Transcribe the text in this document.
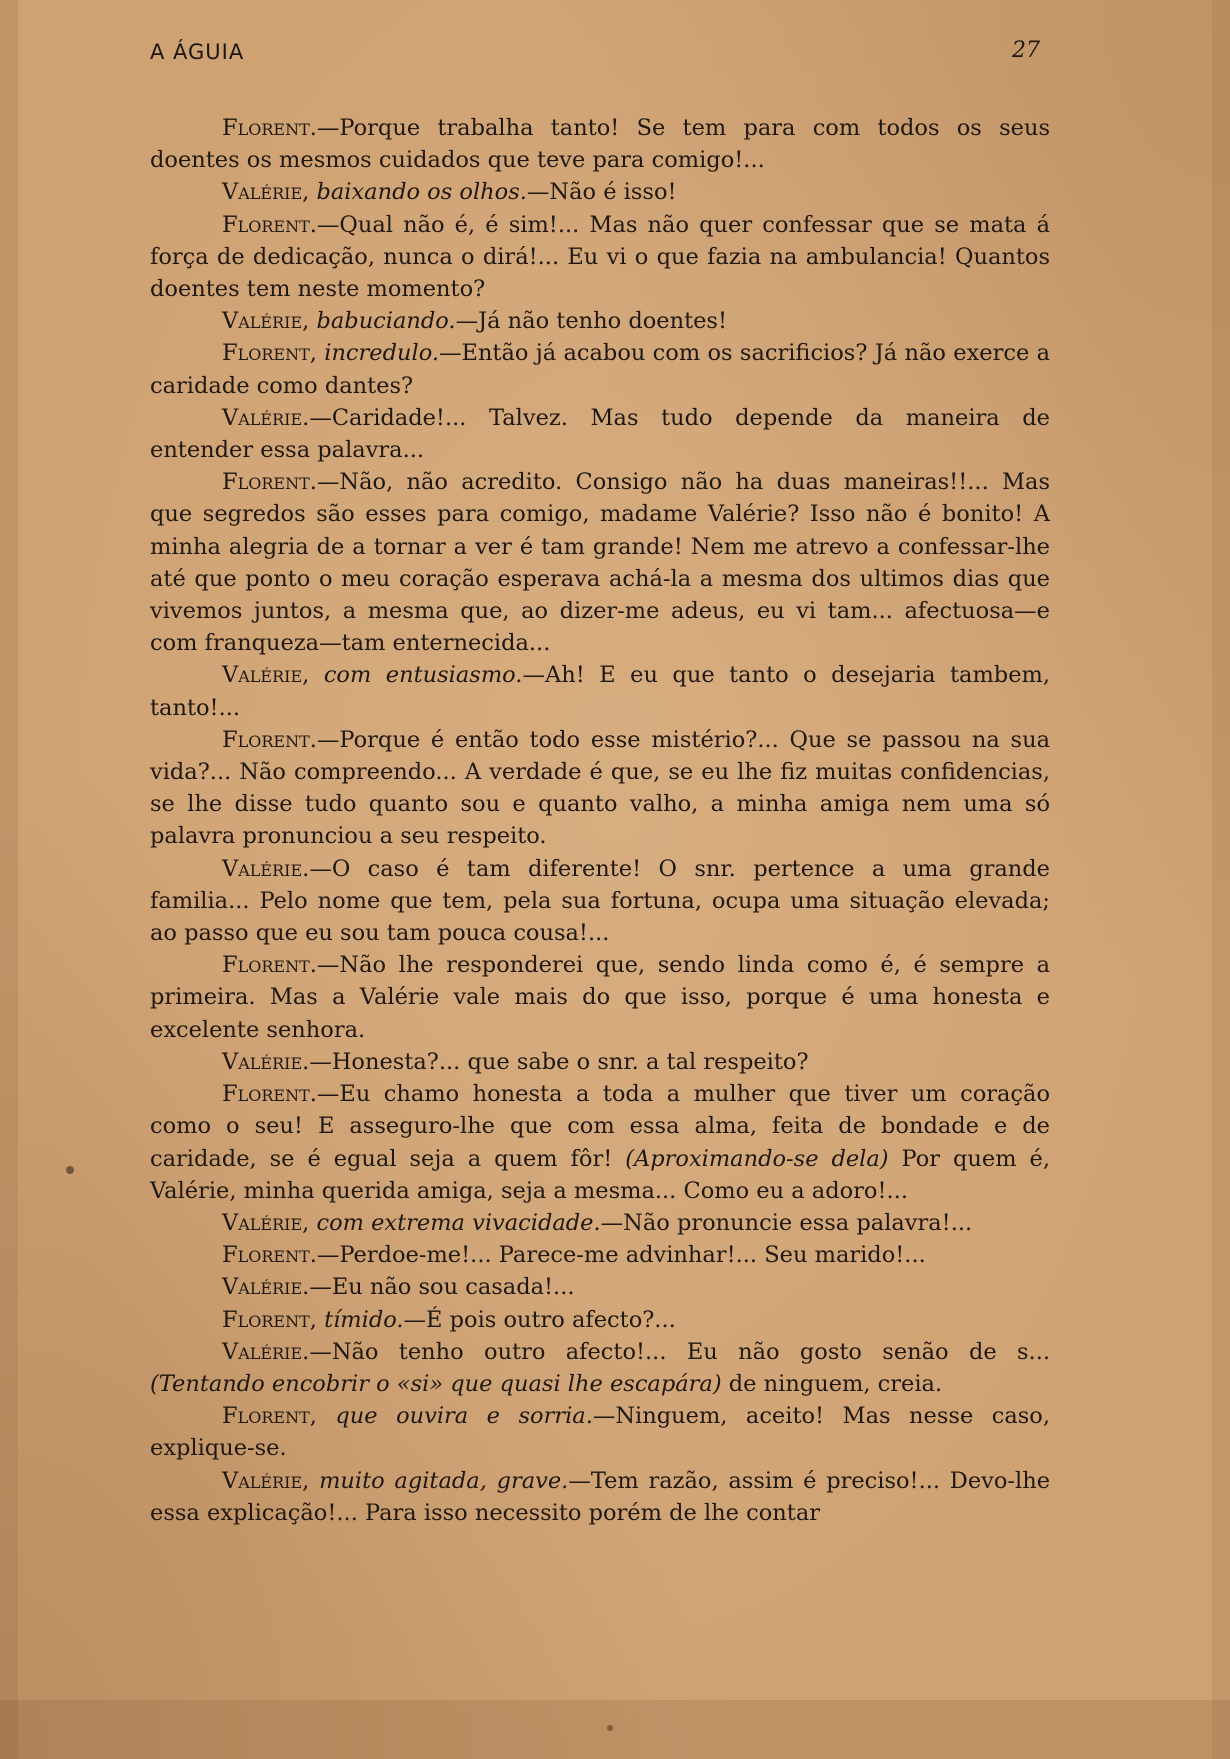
A ÁGUIA	27

Florent.—Porque trabalha tanto! Se tem para com todos os seus doentes os mesmos cuidados que teve para comigo!...

Valérie, baixando os olhos.—Não é isso!

Florent.—Qual não é, é sim!... Mas não quer confessar que se mata á força de dedicação, nunca o dirá!... Eu vi o que fazia na ambulancia! Quantos doentes tem neste momento?

Valérie, babuciando.—Já não tenho doentes!

Florent, incredulo.—Então já acabou com os sacrificios? Já não exerce a caridade como dantes?

Valérie.—Caridade!... Talvez. Mas tudo depende da maneira de entender essa palavra...

Florent.—Não, não acredito. Consigo não ha duas maneiras!!... Mas que segredos são esses para comigo, madame Valérie? Isso não é bonito! A minha alegria de a tornar a ver é tam grande! Nem me atrevo a confessar-lhe até que ponto o meu coração esperava achá-la a mesma dos ultimos dias que vivemos juntos, a mesma que, ao dizer-me adeus, eu vi tam... afectuosa—e com franqueza—tam enternecida...

Valérie, com entusiasmo.—Ah! E eu que tanto o desejaria tambem, tanto!...

Florent.—Porque é então todo esse mistério?... Que se passou na sua vida?... Não compreendo... A verdade é que, se eu lhe fiz muitas confidencias, se lhe disse tudo quanto sou e quanto valho, a minha amiga nem uma só palavra pronunciou a seu respeito.

Valérie.—O caso é tam diferente! O snr. pertence a uma grande familia... Pelo nome que tem, pela sua fortuna, ocupa uma situação elevada; ao passo que eu sou tam pouca cousa!...

Florent.—Não lhe responderei que, sendo linda como é, é sempre a primeira. Mas a Valérie vale mais do que isso, porque é uma honesta e excelente senhora.

Valérie.—Honesta?... que sabe o snr. a tal respeito?

Florent.—Eu chamo honesta a toda a mulher que tiver um coração como o seu! E asseguro-lhe que com essa alma, feita de bondade e de caridade, se é egual seja a quem fôr! (Aproximando-se dela) Por quem é, Valérie, minha querida amiga, seja a mesma... Como eu a adoro!...

Valérie, com extrema vivacidade.—Não pronuncie essa palavra!...

Florent.—Perdoe-me!... Parece-me advinhar!... Seu marido!...

Valérie.—Eu não sou casada!...

Florent, tímido.—É pois outro afecto?...

Valérie.—Não tenho outro afecto!... Eu não gosto senão de s... (Tentando encobrir o «si» que quasi lhe escapára) de ninguem, creia.

Florent, que ouvira e sorria.—Ninguem, aceito! Mas nesse caso, explique-se.

Valérie, muito agitada, grave.—Tem razão, assim é preciso!... Devo-lhe essa explicação!... Para isso necessito porém de lhe contar
